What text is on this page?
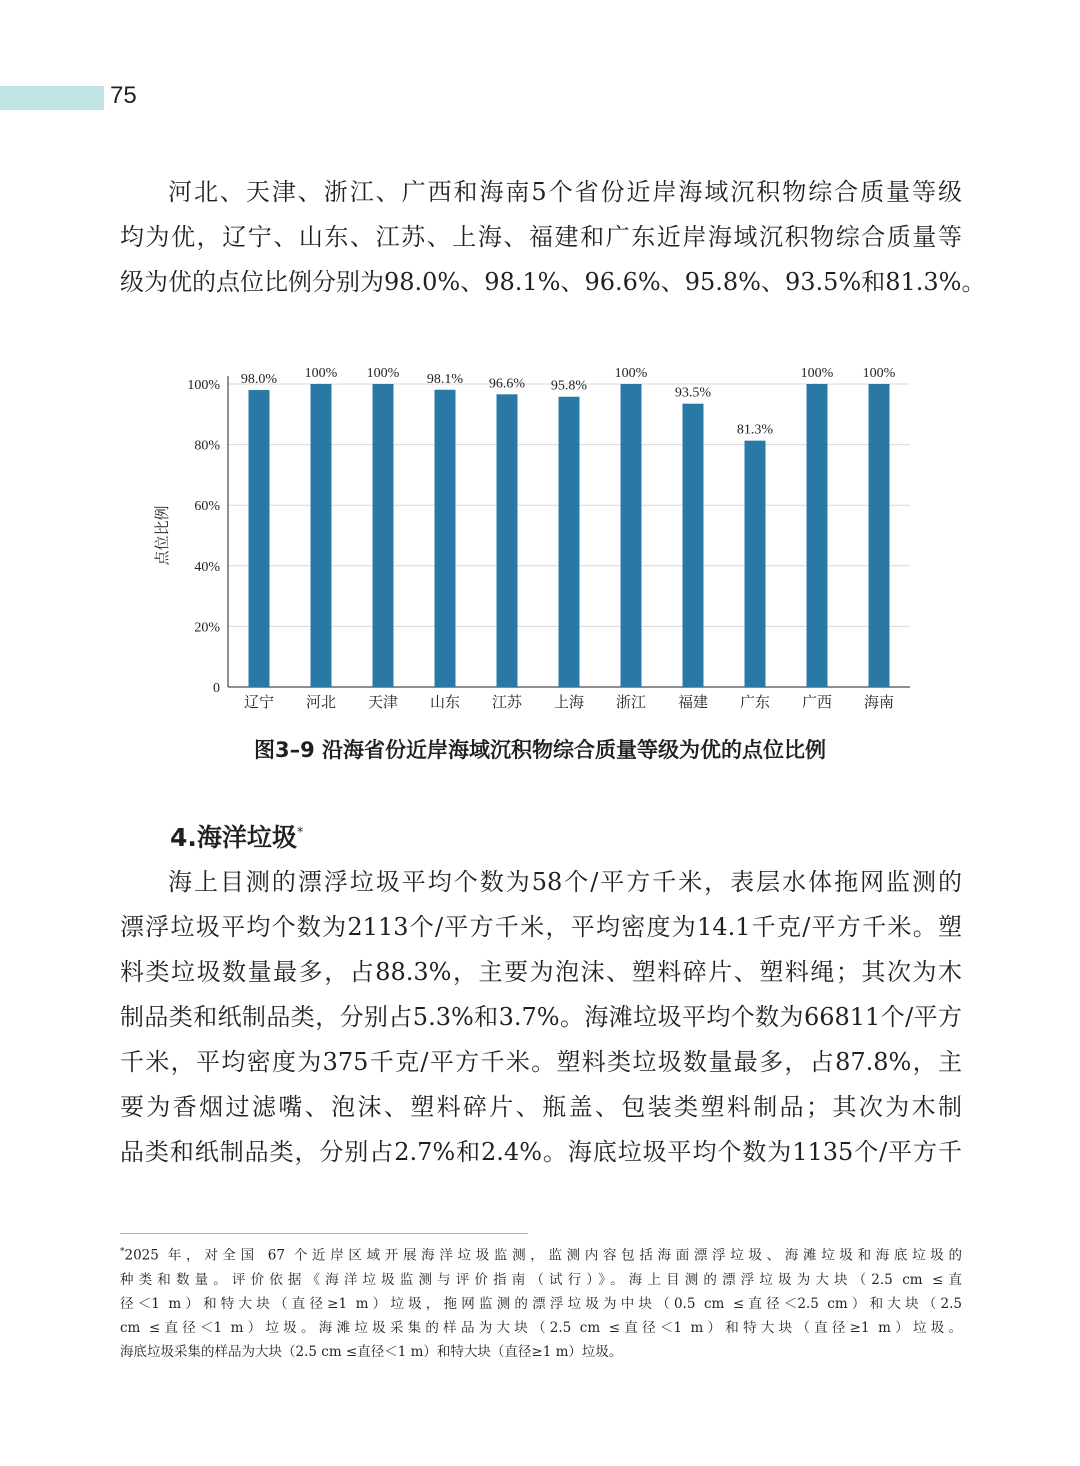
75

河北、天津、浙江、广西和海南5个省份近岸海域沉积物综合质量等级
均为优，辽宁、山东、江苏、上海、福建和广东近岸海域沉积物综合质量等
级为优的点位比例分别为98.0%、98.1%、96.6%、95.8%、93.5%和81.3%。

0
20%
40%
60%
80%
100%
点位比例
98.0%
辽宁
100%
河北
100%
天津
98.1%
山东
96.6%
江苏
95.8%
上海
100%
浙江
93.5%
福建
81.3%
广东
100%
广西
100%
海南

图3–9 沿海省份近岸海域沉积物综合质量等级为优的点位比例

4.海洋垃圾*

海上目测的漂浮垃圾平均个数为58个/平方千米，表层水体拖网监测的
漂浮垃圾平均个数为2113个/平方千米，平均密度为14.1千克/平方千米。塑
料类垃圾数量最多，占88.3%，主要为泡沫、塑料碎片、塑料绳；其次为木
制品类和纸制品类，分别占5.3%和3.7%。海滩垃圾平均个数为66811个/平方
千米，平均密度为375千克/平方千米。塑料类垃圾数量最多，占87.8%，主
要为香烟过滤嘴、泡沫、塑料碎片、瓶盖、包装类塑料制品；其次为木制
品类和纸制品类，分别占2.7%和2.4%。海底垃圾平均个数为1135个/平方千

*2025 年，对全国 67 个近岸区域开展海洋垃圾监测，监测内容包括海面漂浮垃圾、海滩垃圾和海底垃圾的
种类和数量。评价依据《海洋垃圾监测与评价指南（试行）》。海上目测的漂浮垃圾为大块（2.5 cm ≤直
径＜1 m）和特大块（直径≥1 m）垃圾，拖网监测的漂浮垃圾为中块（0.5 cm ≤直径＜2.5 cm）和大块（2.5
cm ≤直径＜1 m）垃圾。海滩垃圾采集的样品为大块（2.5 cm ≤直径＜1 m）和特大块（直径≥1 m）垃圾。
海底垃圾采集的样品为大块（2.5 cm ≤直径＜1 m）和特大块（直径≥1 m）垃圾。
